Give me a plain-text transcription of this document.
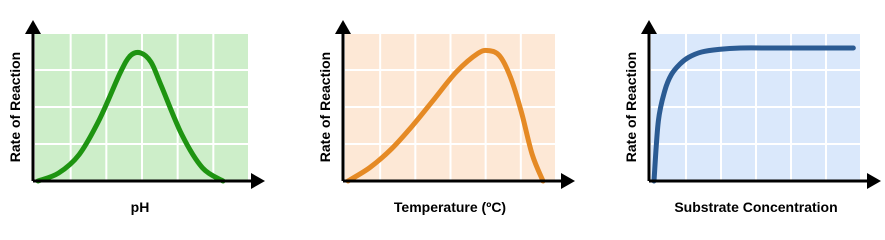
pH
Rate of Reaction
Temperature (ºC)
Rate of Reaction
Substrate Concentration
Rate of Reaction
